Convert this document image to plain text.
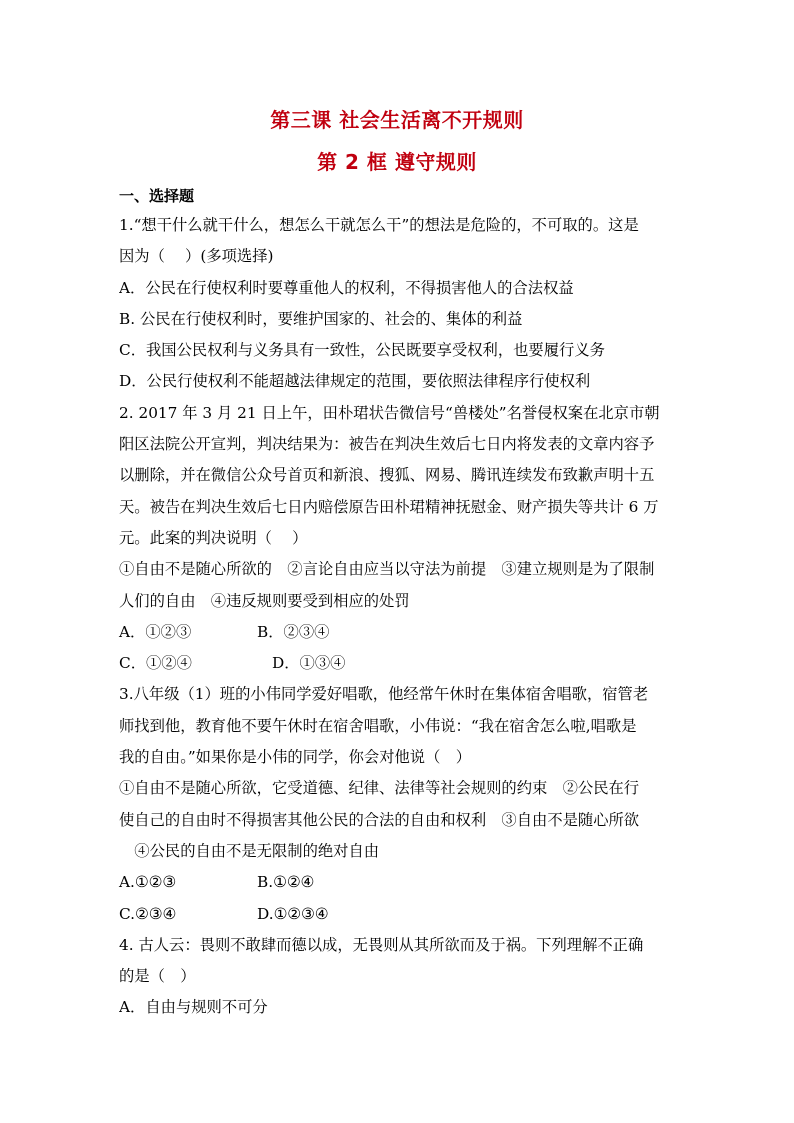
第三课 社会生活离不开规则
第 2 框 遵守规则
一、选择题
1.“想干什么就干什么，想怎么干就怎么干”的想法是危险的，不可取的。这是
因为（　 ）(多项选择)
A．公民在行使权利时要尊重他人的权利，不得损害他人的合法权益
B. 公民在行使权利时，要维护国家的、社会的、集体的利益
C．我国公民权利与义务具有一致性，公民既要享受权利，也要履行义务
D．公民行使权利不能超越法律规定的范围，要依照法律程序行使权利
2. 2017 年 3 月 21 日上午，田朴珺状告微信号“兽楼处”名誉侵权案在北京市朝
阳区法院公开宣判，判决结果为：被告在判决生效后七日内将发表的文章内容予
以删除，并在微信公众号首页和新浪、搜狐、网易、腾讯连续发布致歉声明十五
天。被告在判决生效后七日内赔偿原告田朴珺精神抚慰金、财产损失等共计 6 万
元。此案的判决说明（　 ）
①自由不是随心所欲的　②言论自由应当以守法为前提　③建立规则是为了限制
人们的自由　④违反规则要受到相应的处罚
A．①②③	B．②③④
C．①②④	D．①③④
3.八年级（1）班的小伟同学爱好唱歌，他经常午休时在集体宿舍唱歌，宿管老
师找到他，教育他不要午休时在宿舍唱歌，小伟说：“我在宿舍怎么啦,唱歌是
我的自由。”如果你是小伟的同学，你会对他说（　）
①自由不是随心所欲，它受道德、纪律、法律等社会规则的约束　②公民在行
使自己的自由时不得损害其他公民的合法的自由和权利　③自由不是随心所欲
　④公民的自由不是无限制的绝对自由
A.①②③	B.①②④
C.②③④	D.①②③④
4. 古人云：畏则不敢肆而德以成，无畏则从其所欲而及于祸。下列理解不正确
的是（　）
A．自由与规则不可分
